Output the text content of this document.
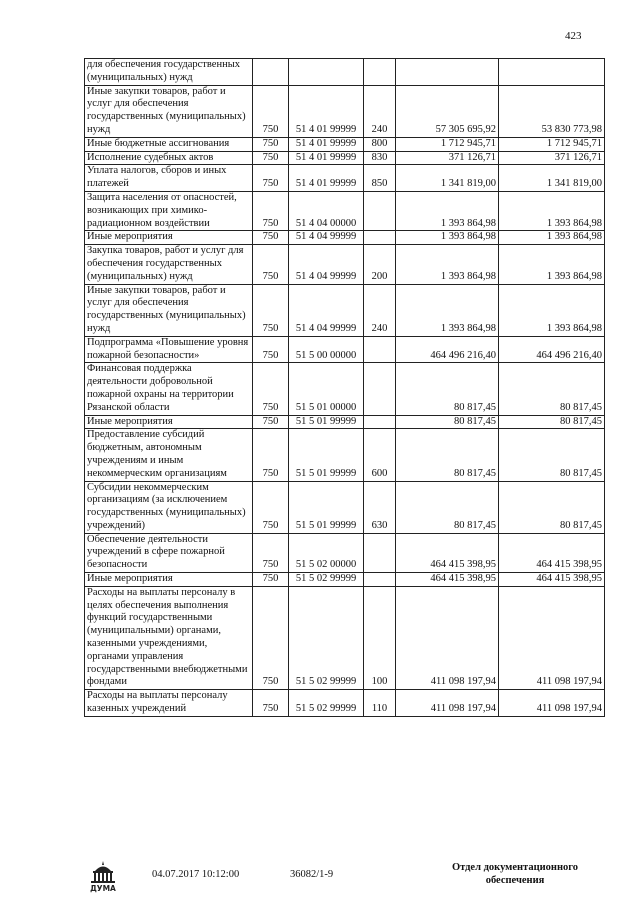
423
для обеспечения государственных (муниципальных) нужд					
Иные закупки товаров, работ и услуг для обеспечения государственных (муниципальных) нужд	750	51 4 01 99999	240	57 305 695,92	53 830 773,98
Иные бюджетные ассигнования	750	51 4 01 99999	800	1 712 945,71	1 712 945,71
Исполнение судебных актов	750	51 4 01 99999	830	371 126,71	371 126,71
Уплата налогов, сборов и иных платежей	750	51 4 01 99999	850	1 341 819,00	1 341 819,00
Защита населения от опасностей, возникающих при химико-радиационном воздействии	750	51 4 04 00000		1 393 864,98	1 393 864,98
Иные мероприятия	750	51 4 04 99999		1 393 864,98	1 393 864,98
Закупка товаров, работ и услуг для обеспечения государственных (муниципальных) нужд	750	51 4 04 99999	200	1 393 864,98	1 393 864,98
Иные закупки товаров, работ и услуг для обеспечения государственных (муниципальных) нужд	750	51 4 04 99999	240	1 393 864,98	1 393 864,98
Подпрограмма «Повышение уровня пожарной безопасности»	750	51 5 00 00000		464 496 216,40	464 496 216,40
Финансовая поддержка деятельности добровольной пожарной охраны на территории Рязанской области	750	51 5 01 00000		80 817,45	80 817,45
Иные мероприятия	750	51 5 01 99999		80 817,45	80 817,45
Предоставление субсидий бюджетным, автономным учреждениям и иным некоммерческим организациям	750	51 5 01 99999	600	80 817,45	80 817,45
Субсидии некоммерческим организациям (за исключением государственных (муниципальных) учреждений)	750	51 5 01 99999	630	80 817,45	80 817,45
Обеспечение деятельности учреждений в сфере пожарной безопасности	750	51 5 02 00000		464 415 398,95	464 415 398,95
Иные мероприятия	750	51 5 02 99999		464 415 398,95	464 415 398,95
Расходы на выплаты персоналу в целях обеспечения выполнения функций государственными (муниципальными) органами, казенными учреждениями, органами управления государственными внебюджетными фондами	750	51 5 02 99999	100	411 098 197,94	411 098 197,94
Расходы на выплаты персоналу казенных учреждений	750	51 5 02 99999	110	411 098 197,94	411 098 197,94
ДУМА
04.07.2017 10:12:00	36082/1-9
Отдел документационного
обеспечения
